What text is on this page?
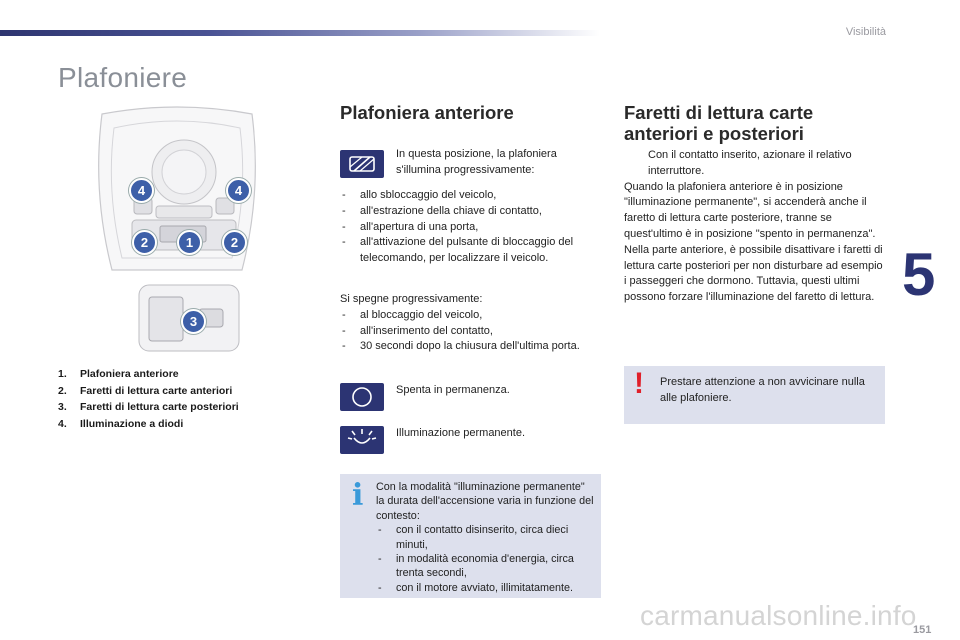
Visibilità
Plafoniere
5
4	4
2	1	2
3
1. Plafoniera anteriore
2. Faretti di lettura carte anteriori
3. Faretti di lettura carte posteriori
4. Illuminazione a diodi
Plafoniera anteriore
In questa posizione, la plafoniera s'illumina progressivamente:
- allo sbloccaggio del veicolo,
- all'estrazione della chiave di contatto,
- all'apertura di una porta,
- all'attivazione del pulsante di bloccaggio del telecomando, per localizzare il veicolo.
Si spegne progressivamente:
- al bloccaggio del veicolo,
- all'inserimento del contatto,
- 30 secondi dopo la chiusura dell'ultima porta.
Spenta in permanenza.
Illuminazione permanente.
i Con la modalità "illuminazione permanente" la durata dell'accensione varia in funzione del contesto:
- con il contatto disinserito, circa dieci minuti,
- in modalità economia d'energia, circa trenta secondi,
- con il motore avviato, illimitatamente.
Faretti di lettura carte anteriori e posteriori
Con il contatto inserito, azionare il relativo interruttore.
Quando la plafoniera anteriore è in posizione "illuminazione permanente", si accenderà anche il faretto di lettura carte posteriore, tranne se quest'ultimo è in posizione "spento in permanenza".
Nella parte anteriore, è possibile disattivare i faretti di lettura carte posteriori per non disturbare ad esempio i passeggeri che dormono. Tuttavia, questi ultimi possono forzare l'illuminazione del faretto di lettura.
! Prestare attenzione a non avvicinare nulla alle plafoniere.
carmanualsonline.info
151
